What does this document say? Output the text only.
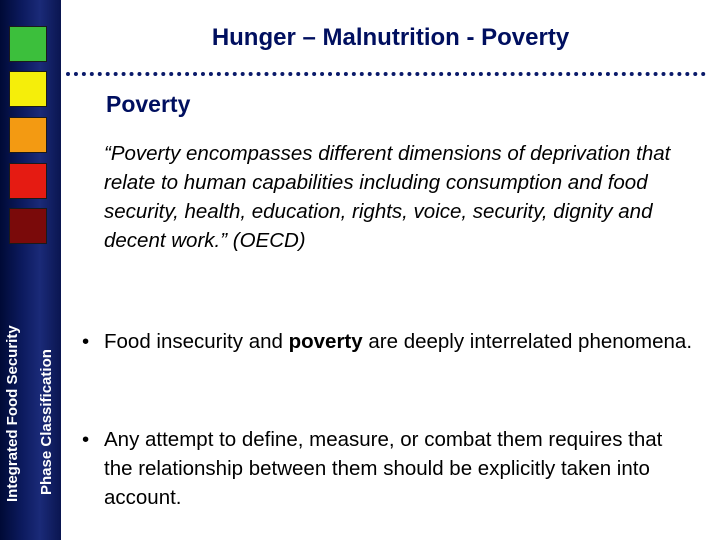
Integrated Food Security Phase Classification
Hunger – Malnutrition - Poverty
Poverty

“Poverty encompasses different dimensions of deprivation that relate to human capabilities including consumption and food security, health, education, rights, voice, security, dignity and decent work.” (OECD)

• Food insecurity and poverty are deeply interrelated phenomena.
• Any attempt to define, measure, or combat them requires that the relationship between them should be explicitly taken into account.
